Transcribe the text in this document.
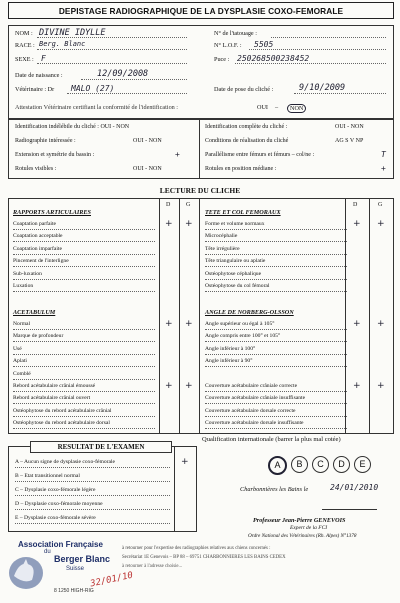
DEPISTAGE RADIOGRAPHIQUE DE LA DYSPLASIE COXO-FEMORALE
NOM : DIVINE IDYLLE	N° de l'tatouage :
RACE : Berg. Blanc	N° L.O.F. : 5505
SEXE : F	Puce : 250268500238452
Date de naissance :	12/09/2008
Vétérinaire : Dr MALO (27)	Date de pose du cliché :	9/10/2009
Attestation Vétérinaire certifiant la conformité de l'identification :	OUI –	NON
Identification indélébile du cliché : OUI - NON
Radiographie intéressée :	OUI - NON
Extension et symétrie du bassin :	+
Rotules visibles :	OUI - NON
Identification complète du cliché :	OUI - NON
Conditions de réalisation du cliché	AG S V NP
Parallélisme entre fémurs et fémurs – col/ne :	T
Rotules en position médiane :	+
LECTURE DU CLICHE
D	G	D	G
RAPPORTS ARTICULAIRES
Coaptation parfaite	+ +
Coaptation acceptable
Coaptation imparfaite
Pincement de l'interligne
Sub-luxation
Luxation
ACETABULUM
Normal	+ +
Marque de profondeur
Usé
Aplati
Comblé
Rebord acétabulaire crânial émoussé	+ +
Rebord acétabulaire crânial ouvert
Ostéophytose du rebord acétabulaire crânial
Ostéophytose du rebord acétabulaire dorsal
TETE ET COL FEMORAUX
Forme et volume normaux	+ +
Microcéphalie
Tête irrégulière
Tête triangulaire ou aplatie
Ostéophytose céphalique
Ostéophytose du col fémoral
ANGLE DE NORBERG-OLSSON
Angle supérieur ou égal à 105°	+ +
Angle compris entre 100° et 105°
Angle inférieur à 100°
Angle inférieur à 90°
Couverture acétabulaire crâniale correcte	+ +
Couverture acétabulaire crâniale insuffisante
Couverture acétabulaire dorsale correcte
Couverture acétabulaire dorsale insuffisante
A – Aucun signe de dysplasie coxo-fémorale	+
B – Etat transitionnel normal
C – Dysplasie coxo-fémorale légère
D – Dysplasie coxo-fémorale moyenne
E – Dysplasie coxo-fémorale sévère
RESULTAT DE L'EXAMEN
Qualification internationale (barrer la plus mal cotée)
A	B	C	D	E
Charbonnières les Bains le	24/01/2010
Professeur Jean-Pierre GENEVOIS
Expert de la FCI
Ordre National des Vétérinaires (Rh. Alpes) N°1378
Association Française
du
Berger Blanc
Suisse
8 1250 HIGH-RIG
à retourner pour l'expertise des radiographies relatives aux chiens concernés :
Secrétariat 1E Genevois – BP 88 – 69751 CHARBONNIERES LES BAINS CEDEX
à retourner à l'adresse choisie...
32/01/10
